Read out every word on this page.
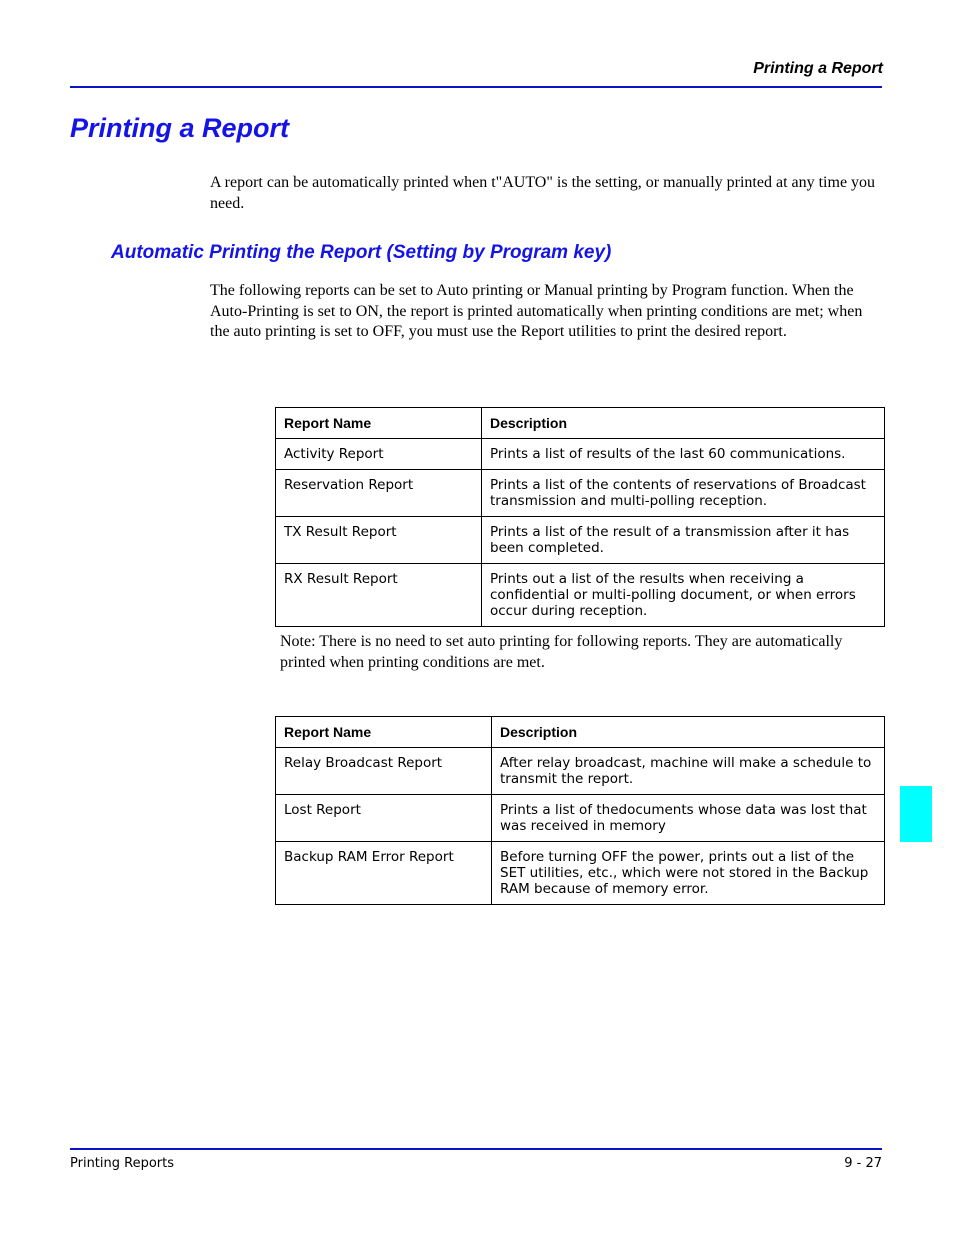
Printing a Report
Printing a Report

A report can be automatically printed when t"AUTO" is the setting, or manually printed at any time you need.

Automatic Printing the Report (Setting by Program key)

The following reports can be set to Auto printing or Manual printing by Program function. When the Auto-Printing is set to ON, the report is printed automatically when printing conditions are met; when the auto printing is set to OFF, you must use the Report utilities to print the desired report.

Report Name	Description
Activity Report	Prints a list of results of the last 60 communications.
Reservation Report	Prints a list of the contents of reservations of Broadcast transmission and multi-polling reception.
TX Result Report	Prints a list of the result of a transmission after it has been completed.
RX Result Report	Prints out a list of the results when receiving a confidential or multi-polling document, or when errors occur during reception.

Note: There is no need to set auto printing for following reports. They are automatically printed when printing conditions are met.

Report Name	Description
Relay Broadcast Report	After relay broadcast, machine will make a schedule to transmit the report.
Lost Report	Prints a list of thedocuments whose data was lost that was received in memory
Backup RAM Error Report	Before turning OFF the power, prints out a list of the SET utilities, etc., which were not stored in the Backup RAM because of memory error.
Printing Reports	9 - 27
